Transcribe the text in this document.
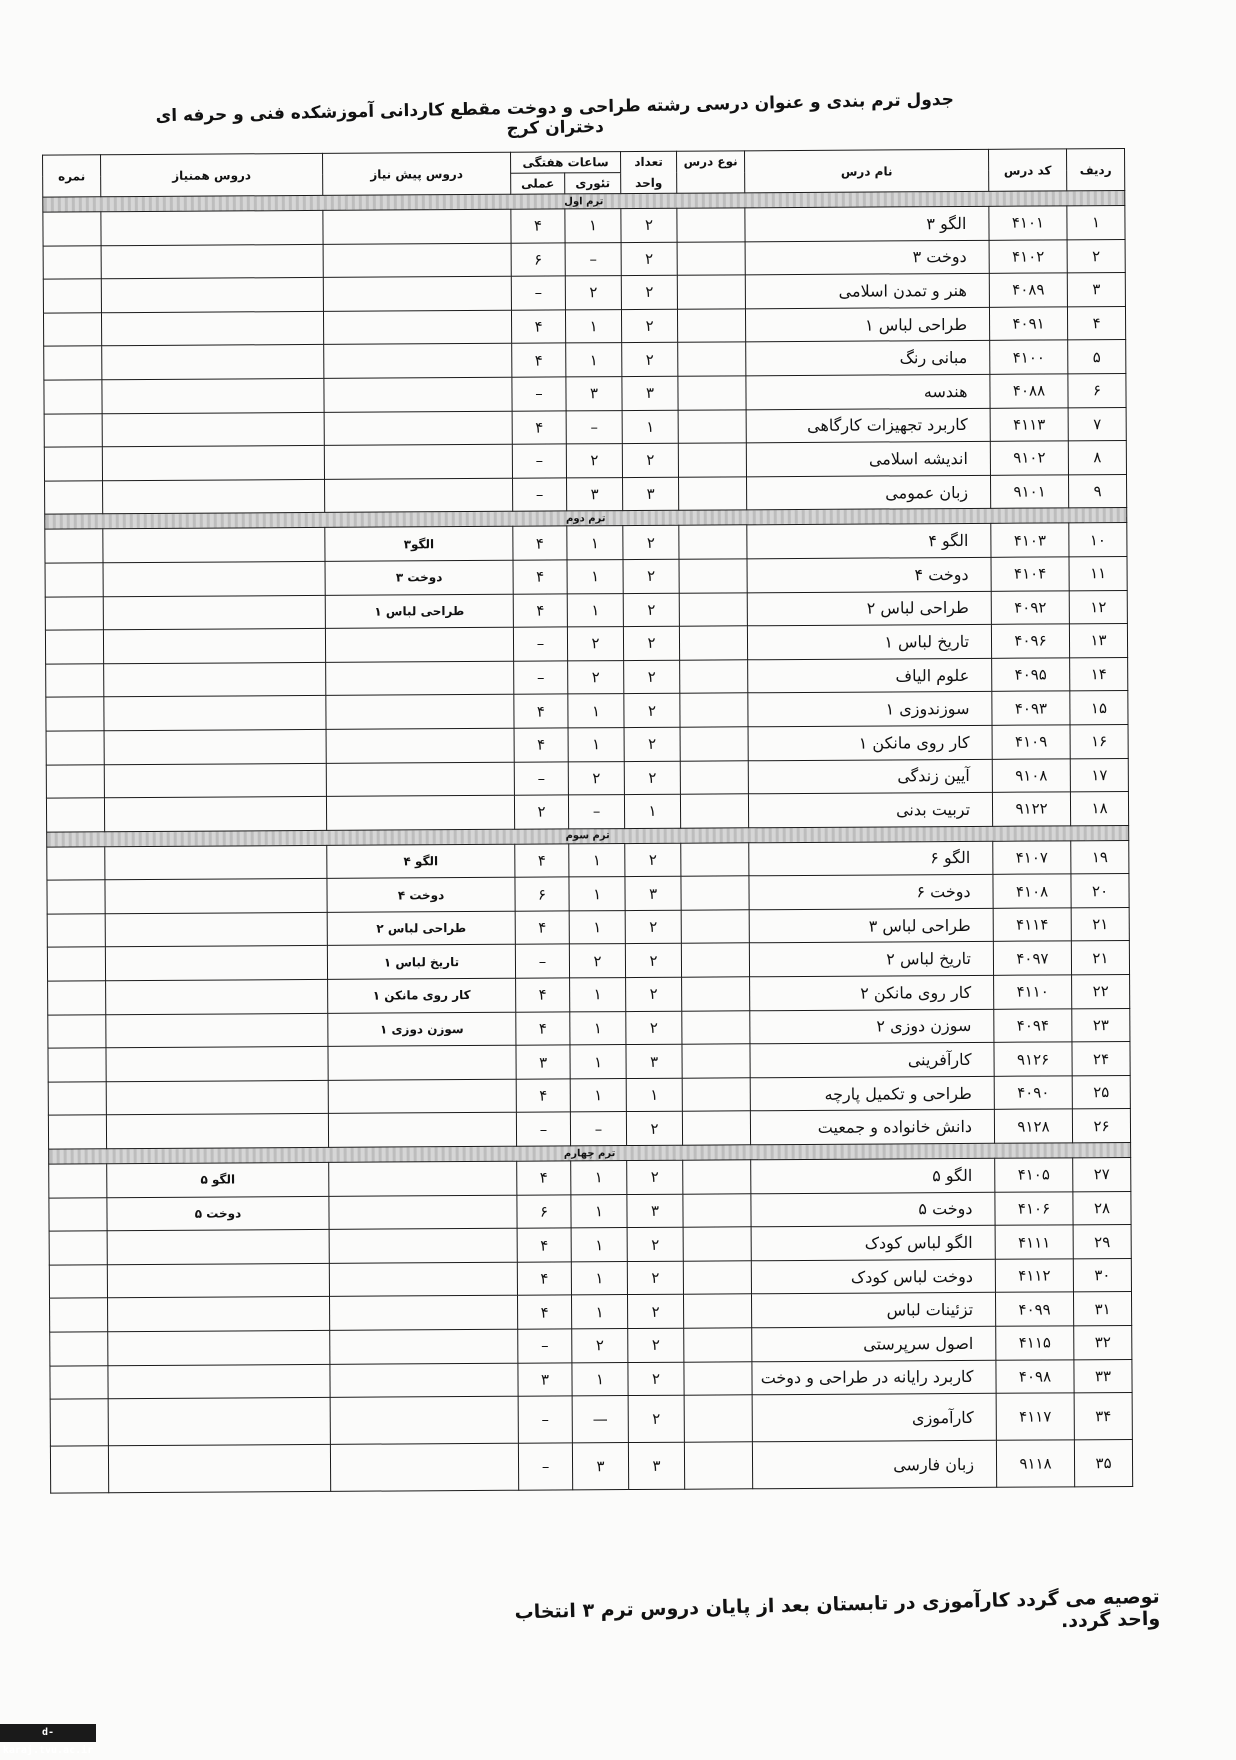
جدول ترم بندی و عنوان درسی رشته طراحی و دوخت مقطع کاردانی آموزشکده فنی و حرفه ای دختران کرج
ردیف	کد درس	نام درس	نوع درس	تعداد	ساعات هفتگی		دروس پیش نیاز	دروس همنیاز	نمره
				واحد	تئوری	عملی			
ترم اول									
۱	۴۱۰۱	الگو ۳		۲	۱	۴			
۲	۴۱۰۲	دوخت ۳		۲	–	۶			
۳	۴۰۸۹	هنر و تمدن اسلامی		۲	۲	–			
۴	۴۰۹۱	طراحی لباس ۱		۲	۱	۴			
۵	۴۱۰۰	مبانی رنگ		۲	۱	۴			
۶	۴۰۸۸	هندسه		۳	۳	–			
۷	۴۱۱۳	کاربرد تجهیزات کارگاهی		۱	–	۴			
۸	۹۱۰۲	اندیشه اسلامی		۲	۲	–			
۹	۹۱۰۱	زبان عمومی		۳	۳	–			
ترم دوم									
۱۰	۴۱۰۳	الگو ۴		۲	۱	۴	الگو۳		
۱۱	۴۱۰۴	دوخت ۴		۲	۱	۴	دوخت ۳		
۱۲	۴۰۹۲	طراحی لباس ۲		۲	۱	۴	طراحی لباس ۱		
۱۳	۴۰۹۶	تاریخ لباس ۱		۲	۲	–			
۱۴	۴۰۹۵	علوم الیاف		۲	۲	–			
۱۵	۴۰۹۳	سوزندوزی ۱		۲	۱	۴			
۱۶	۴۱۰۹	کار روی مانکن ۱		۲	۱	۴			
۱۷	۹۱۰۸	آیین زندگی		۲	۲	–			
۱۸	۹۱۲۲	تربیت بدنی		۱	–	۲			
ترم سوم									
۱۹	۴۱۰۷	الگو ۶		۲	۱	۴	الگو ۴		
۲۰	۴۱۰۸	دوخت ۶		۳	۱	۶	دوخت ۴		
۲۱	۴۱۱۴	طراحی لباس ۳		۲	۱	۴	طراحی لباس ۲		
۲۱	۴۰۹۷	تاریخ لباس ۲		۲	۲	–	تاریخ لباس ۱		
۲۲	۴۱۱۰	کار روی مانکن ۲		۲	۱	۴	کار روی مانکن ۱		
۲۳	۴۰۹۴	سوزن دوزی ۲		۲	۱	۴	سوزن دوزی ۱		
۲۴	۹۱۲۶	کارآفرینی		۳	۱	۳			
۲۵	۴۰۹۰	طراحی و تکمیل پارچه		۱	۱	۴			
۲۶	۹۱۲۸	دانش خانواده و جمعیت		۲	–	–			
ترم چهارم									
۲۷	۴۱۰۵	الگو ۵		۲	۱	۴		الگو ۵	
۲۸	۴۱۰۶	دوخت ۵		۳	۱	۶		دوخت ۵	
۲۹	۴۱۱۱	الگو لباس کودک		۲	۱	۴			
۳۰	۴۱۱۲	دوخت لباس کودک		۲	۱	۴			
۳۱	۴۰۹۹	تزئینات لباس		۲	۱	۴			
۳۲	۴۱۱۵	اصول سرپرستی		۲	۲	–			
۳۳	۴۰۹۸	کاربرد رایانه در طراحی و دوخت		۲	۱	۳			
۳۴	۴۱۱۷	کارآموزی		۲	—	–			
۳۵	۹۱۱۸	زبان فارسی		۳	۳	–			
توصیه می گردد کارآموزی در تابستان بعد از پایان دروس ترم ۳ انتخاب واحد گردد.
d-karaj.tvu.ac.ir
